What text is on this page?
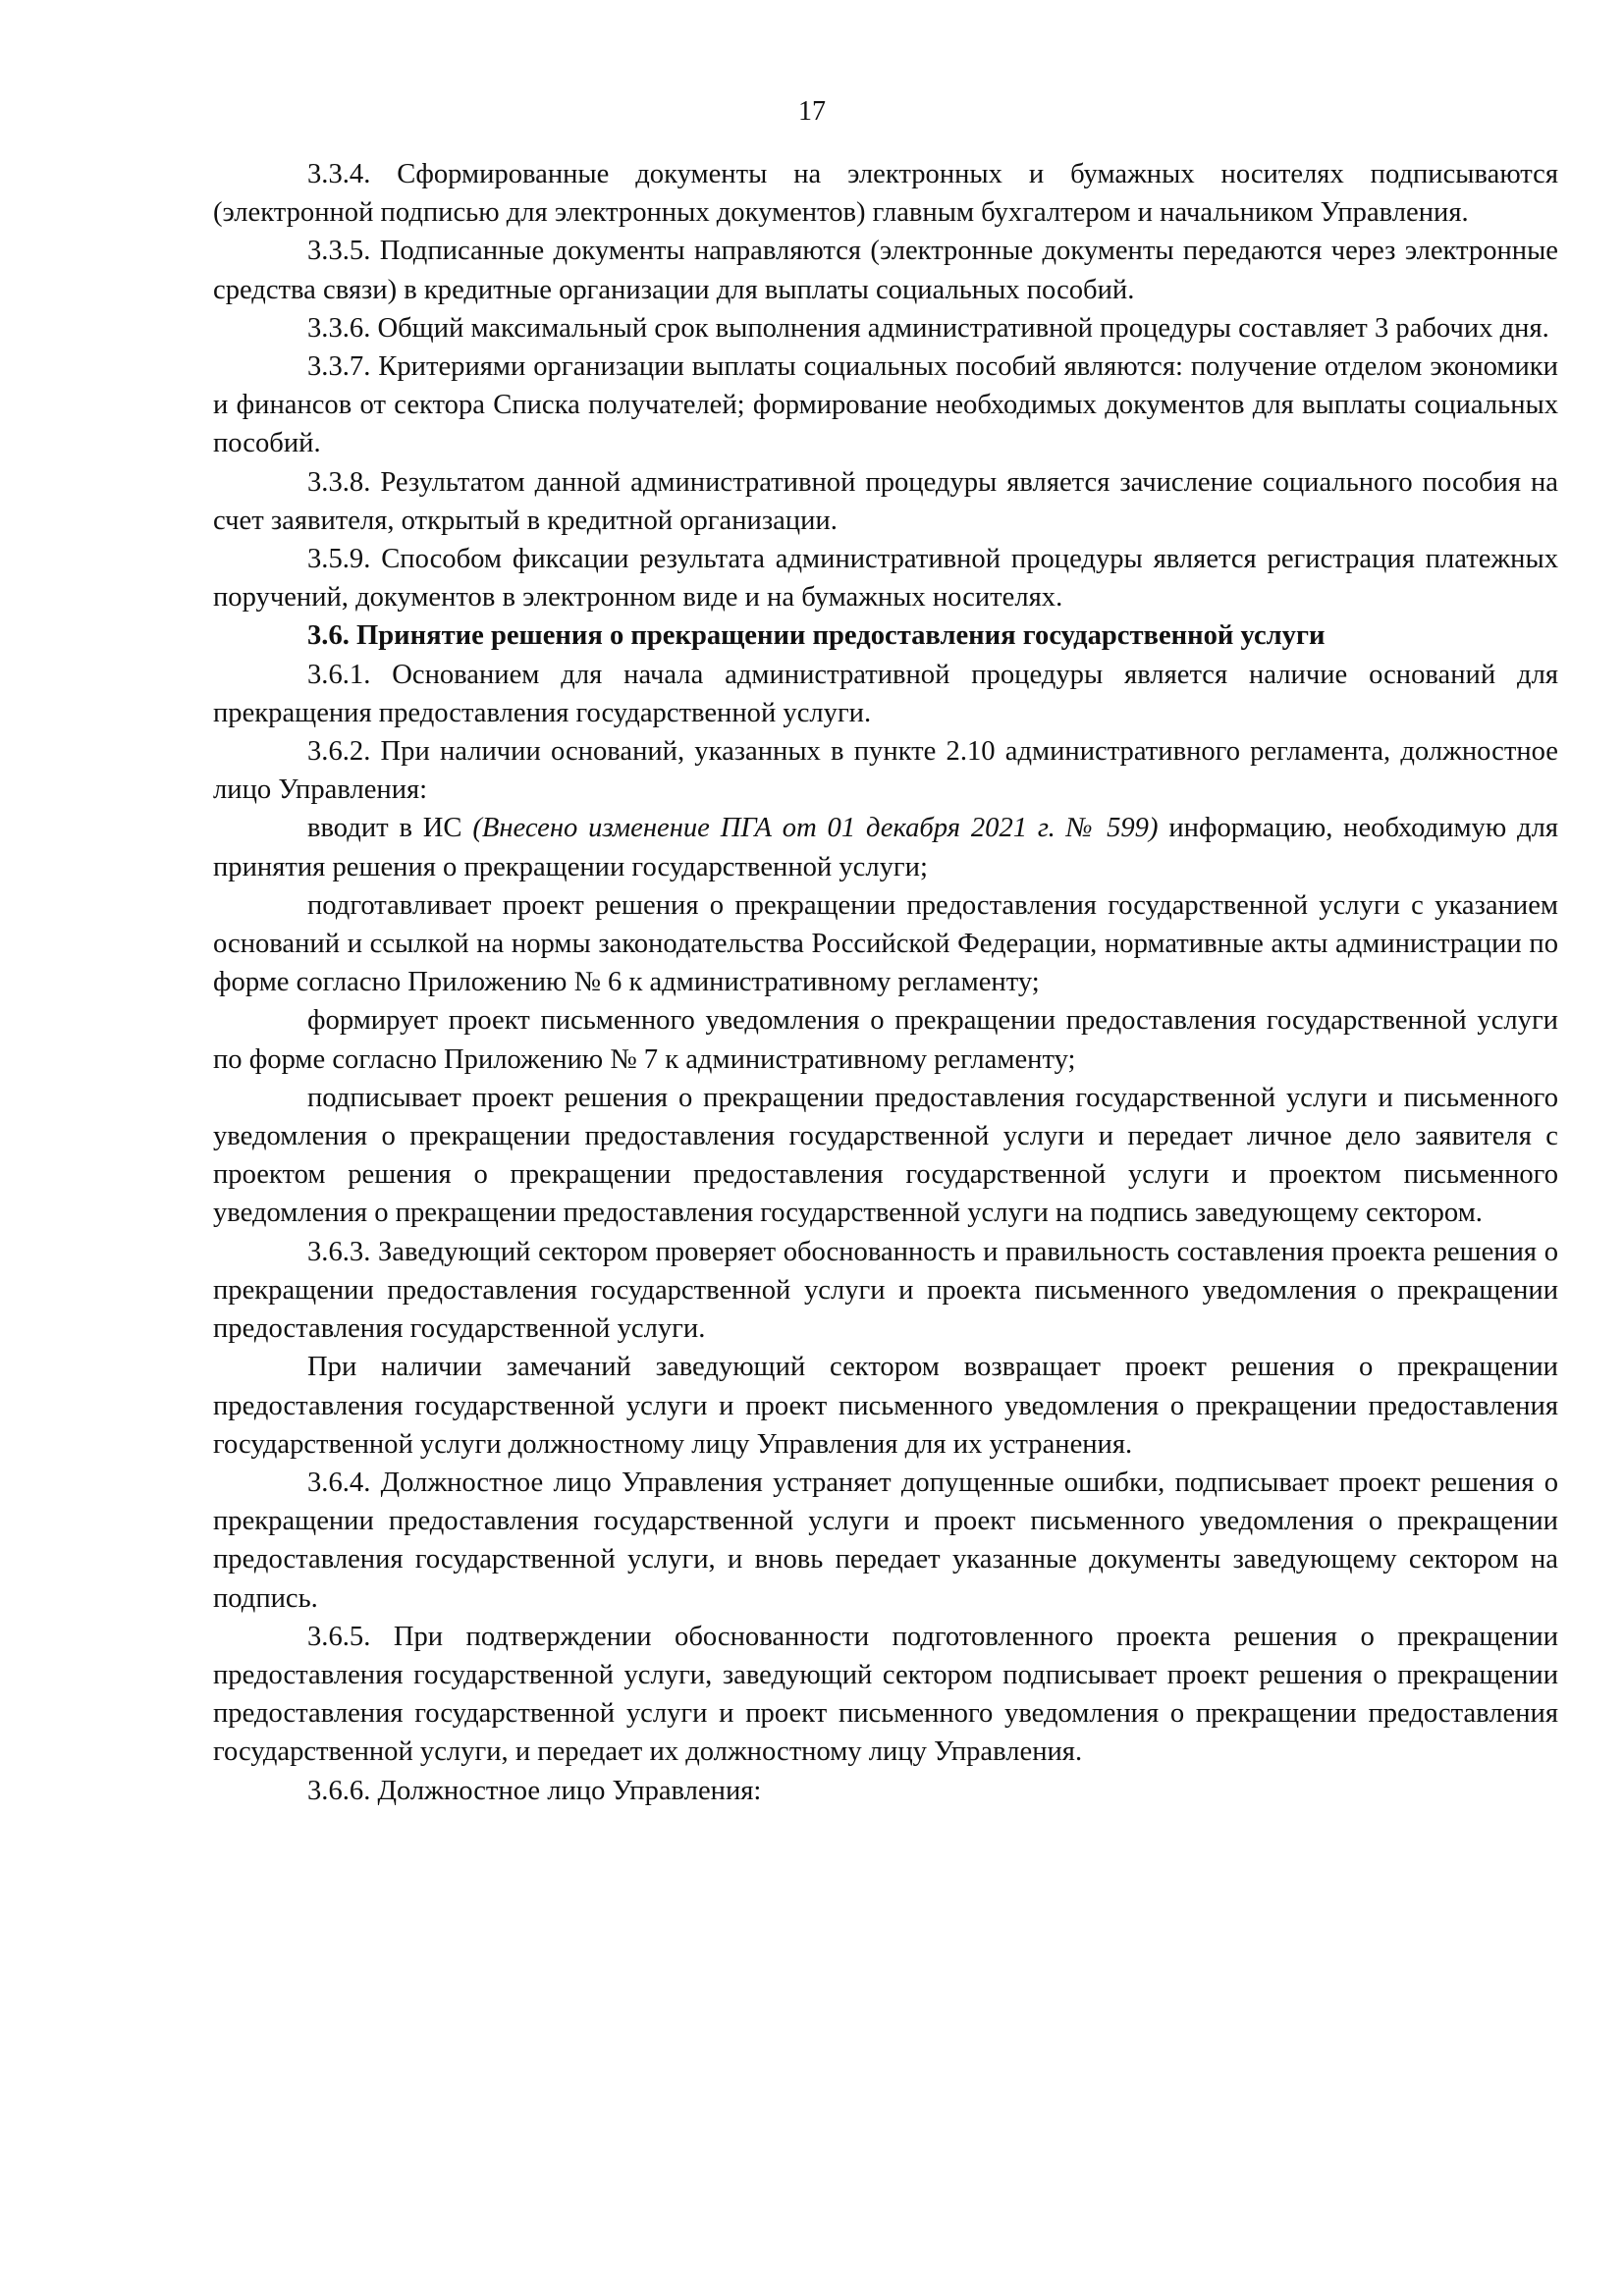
17

3.3.4. Сформированные документы на электронных и бумажных носителях подписываются (электронной подписью для электронных документов) главным бухгалтером и начальником Управления.

3.3.5. Подписанные документы направляются (электронные документы передаются через электронные средства связи) в кредитные организации для выплаты социальных пособий.

3.3.6. Общий максимальный срок выполнения административной процедуры составляет 3 рабочих дня.

3.3.7. Критериями организации выплаты социальных пособий являются: получение отделом экономики и финансов от сектора Списка получателей; формирование необходимых документов для выплаты социальных пособий.

3.3.8. Результатом данной административной процедуры является зачисление социального пособия на счет заявителя, открытый в кредитной организации.

3.5.9. Способом фиксации результата административной процедуры является регистрация платежных поручений, документов в электронном виде и на бумажных носителях.

3.6. Принятие решения о прекращении предоставления государственной услуги

3.6.1. Основанием для начала административной процедуры является наличие оснований для прекращения предоставления государственной услуги.

3.6.2. При наличии оснований, указанных в пункте 2.10 административного регламента, должностное лицо Управления:

вводит в ИС (Внесено изменение ПГА от 01 декабря 2021 г. № 599) информацию, необходимую для принятия решения о прекращении государственной услуги;

подготавливает проект решения о прекращении предоставления государственной услуги с указанием оснований и ссылкой на нормы законодательства Российской Федерации, нормативные акты администрации по форме согласно Приложению № 6 к административному регламенту;

формирует проект письменного уведомления о прекращении предоставления государственной услуги по форме согласно Приложению № 7 к административному регламенту;

подписывает проект решения о прекращении предоставления государственной услуги и письменного уведомления о прекращении предоставления государственной услуги и передает личное дело заявителя с проектом решения о прекращении предоставления государственной услуги и проектом письменного уведомления о прекращении предоставления государственной услуги на подпись заведующему сектором.

3.6.3. Заведующий сектором проверяет обоснованность и правильность составления проекта решения о прекращении предоставления государственной услуги и проекта письменного уведомления о прекращении предоставления государственной услуги.

При наличии замечаний заведующий сектором возвращает проект решения о прекращении предоставления государственной услуги и проект письменного уведомления о прекращении предоставления государственной услуги должностному лицу Управления для их устранения.

3.6.4. Должностное лицо Управления устраняет допущенные ошибки, подписывает проект решения о прекращении предоставления государственной услуги и проект письменного уведомления о прекращении предоставления государственной услуги, и вновь передает указанные документы заведующему сектором на подпись.

3.6.5. При подтверждении обоснованности подготовленного проекта решения о прекращении предоставления государственной услуги, заведующий сектором подписывает проект решения о прекращении предоставления государственной услуги и проект письменного уведомления о прекращении предоставления государственной услуги, и передает их должностному лицу Управления.

3.6.6. Должностное лицо Управления:
